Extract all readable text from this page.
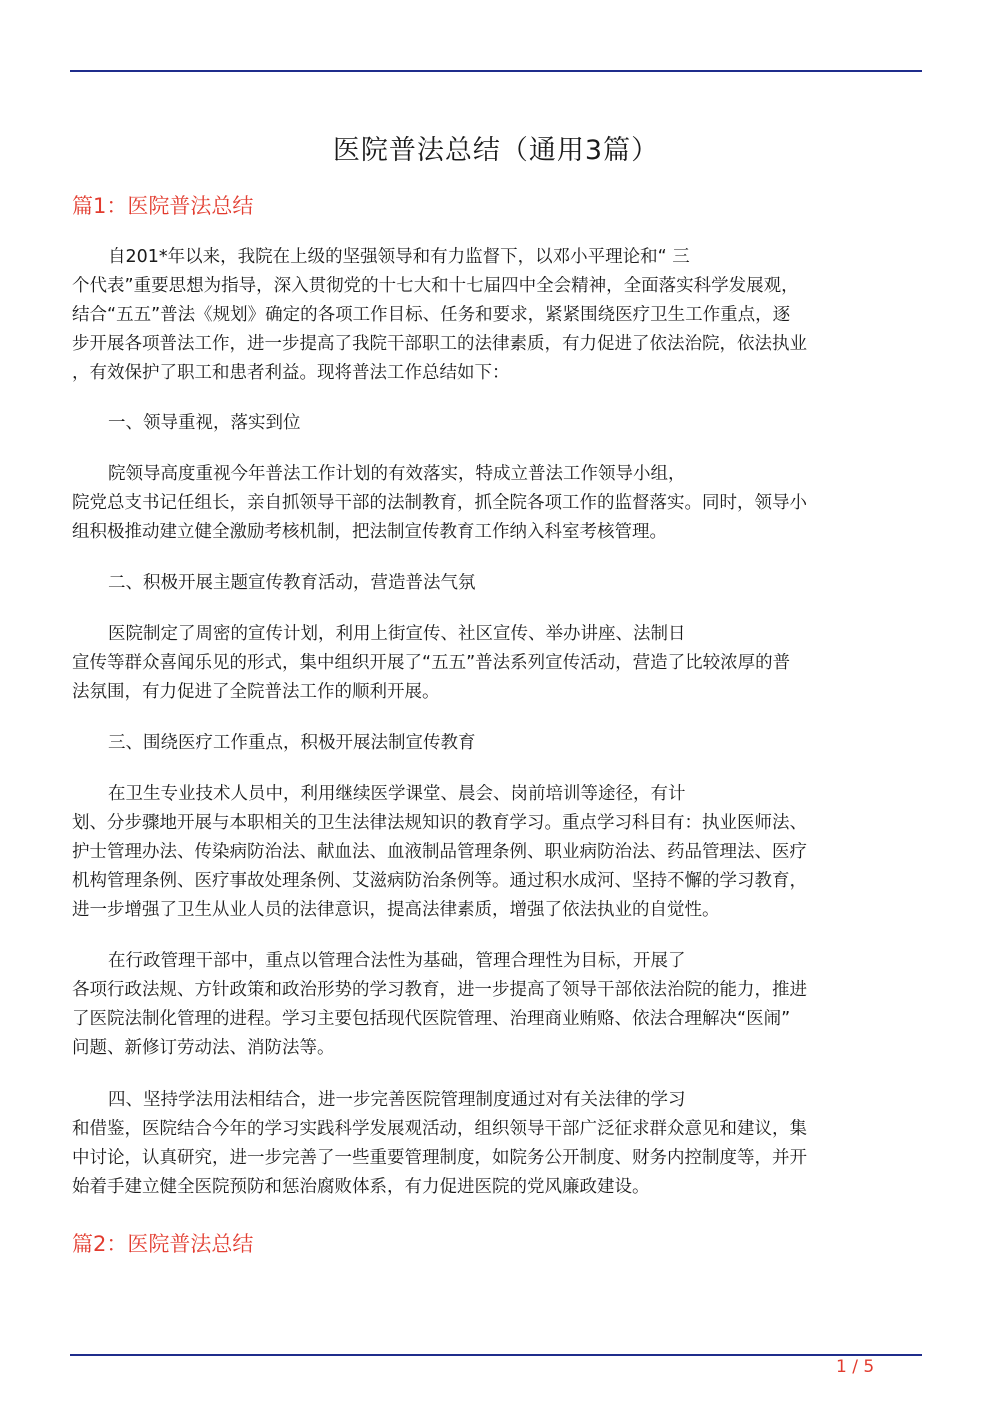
医院普法总结（通用3篇）
篇1：医院普法总结
自201*年以来，我院在上级的坚强领导和有力监督下，以邓小平理论和“ 三
个代表”重要思想为指导，深入贯彻党的十七大和十七届四中全会精神，全面落实科学发展观，
结合“五五”普法《规划》确定的各项工作目标、任务和要求，紧紧围绕医疗卫生工作重点，逐
步开展各项普法工作，进一步提高了我院干部职工的法律素质，有力促进了依法治院，依法执业
，有效保护了职工和患者利益。现将普法工作总结如下：
一、领导重视，落实到位
院领导高度重视今年普法工作计划的有效落实，特成立普法工作领导小组，
院党总支书记任组长，亲自抓领导干部的法制教育，抓全院各项工作的监督落实。同时，领导小
组积极推动建立健全激励考核机制，把法制宣传教育工作纳入科室考核管理。
二、积极开展主题宣传教育活动，营造普法气氛
医院制定了周密的宣传计划，利用上街宣传、社区宣传、举办讲座、法制日
宣传等群众喜闻乐见的形式，集中组织开展了“五五”普法系列宣传活动，营造了比较浓厚的普
法氛围，有力促进了全院普法工作的顺利开展。
三、围绕医疗工作重点，积极开展法制宣传教育
在卫生专业技术人员中，利用继续医学课堂、晨会、岗前培训等途径，有计
划、分步骤地开展与本职相关的卫生法律法规知识的教育学习。重点学习科目有：执业医师法、
护士管理办法、传染病防治法、献血法、血液制品管理条例、职业病防治法、药品管理法、医疗
机构管理条例、医疗事故处理条例、艾滋病防治条例等。通过积水成河、坚持不懈的学习教育，
进一步增强了卫生从业人员的法律意识，提高法律素质，增强了依法执业的自觉性。
在行政管理干部中，重点以管理合法性为基础，管理合理性为目标，开展了
各项行政法规、方针政策和政治形势的学习教育，进一步提高了领导干部依法治院的能力，推进
了医院法制化管理的进程。学习主要包括现代医院管理、治理商业贿赂、依法合理解决“医闹”
问题、新修订劳动法、消防法等。
四、坚持学法用法相结合，进一步完善医院管理制度通过对有关法律的学习
和借鉴，医院结合今年的学习实践科学发展观活动，组织领导干部广泛征求群众意见和建议，集
中讨论，认真研究，进一步完善了一些重要管理制度，如院务公开制度、财务内控制度等，并开
始着手建立健全医院预防和惩治腐败体系，有力促进医院的党风廉政建设。
篇2：医院普法总结
1 / 5
